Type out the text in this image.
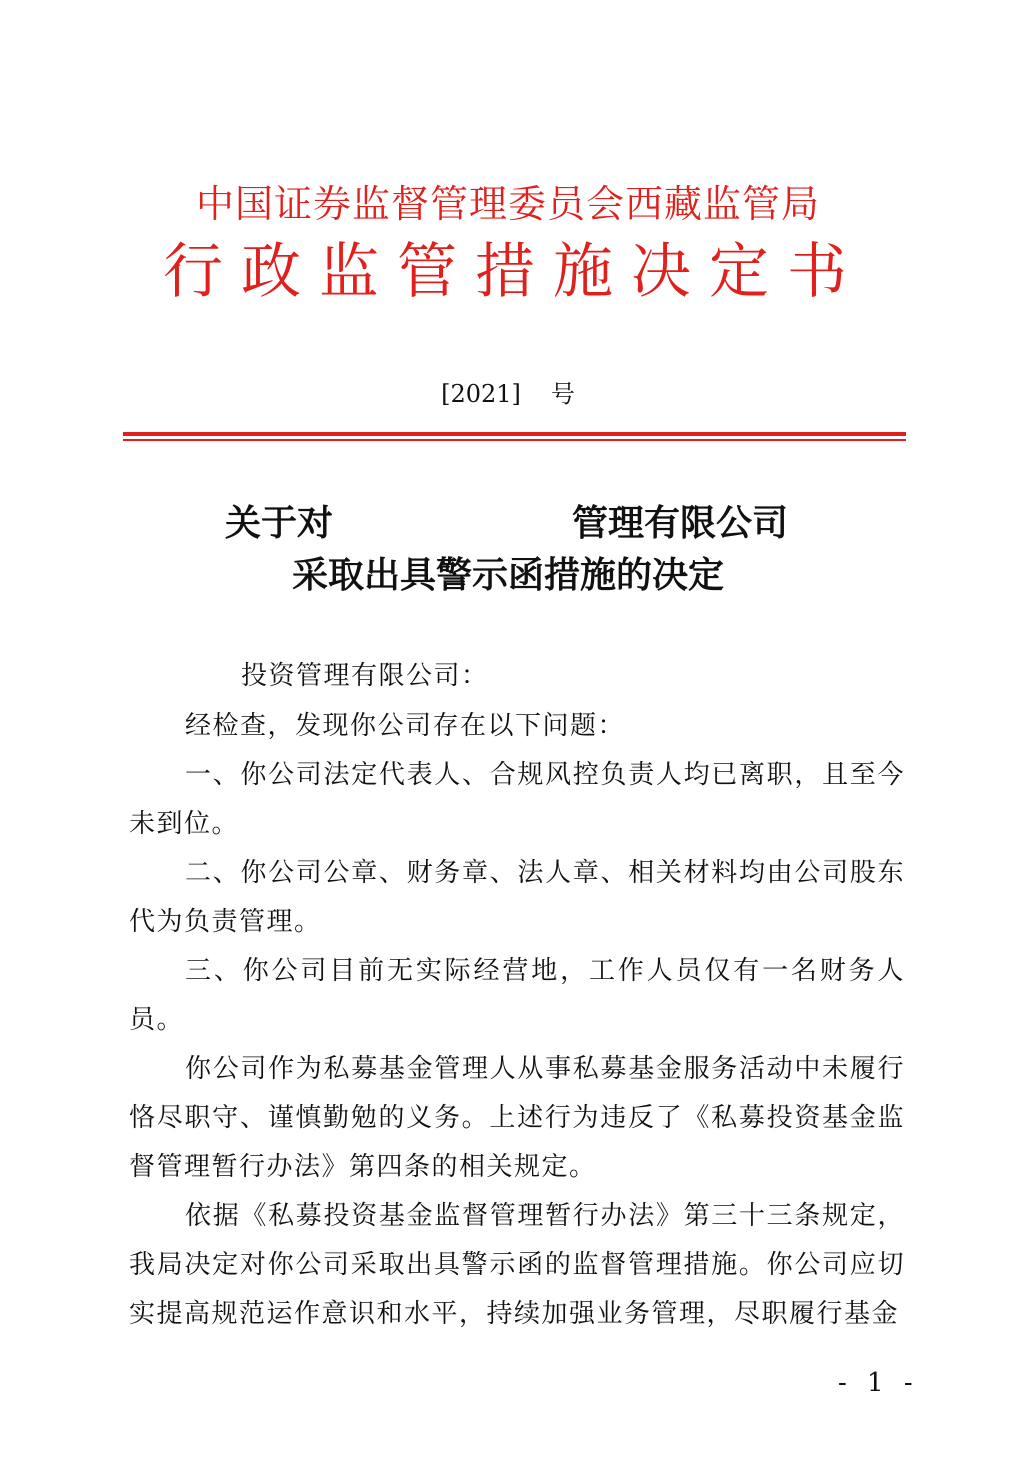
中国证券监督管理委员会西藏监管局
行政监管措施决定书
[2021] 号
关于对	管理有限公司
采取出具警示函措施的决定

投资管理有限公司：

经检查，发现你公司存在以下问题：

一、你公司法定代表人、合规风控负责人均已离职，且至今未到位。

二、你公司公章、财务章、法人章、相关材料均由公司股东代为负责管理。

三、你公司目前无实际经营地，工作人员仅有一名财务人员。

你公司作为私募基金管理人从事私募基金服务活动中未履行恪尽职守、谨慎勤勉的义务。上述行为违反了《私募投资基金监督管理暂行办法》第四条的相关规定。

依据《私募投资基金监督管理暂行办法》第三十三条规定，我局决定对你公司采取出具警示函的监督管理措施。你公司应切实提高规范运作意识和水平，持续加强业务管理，尽职履行基金

- 1 -
